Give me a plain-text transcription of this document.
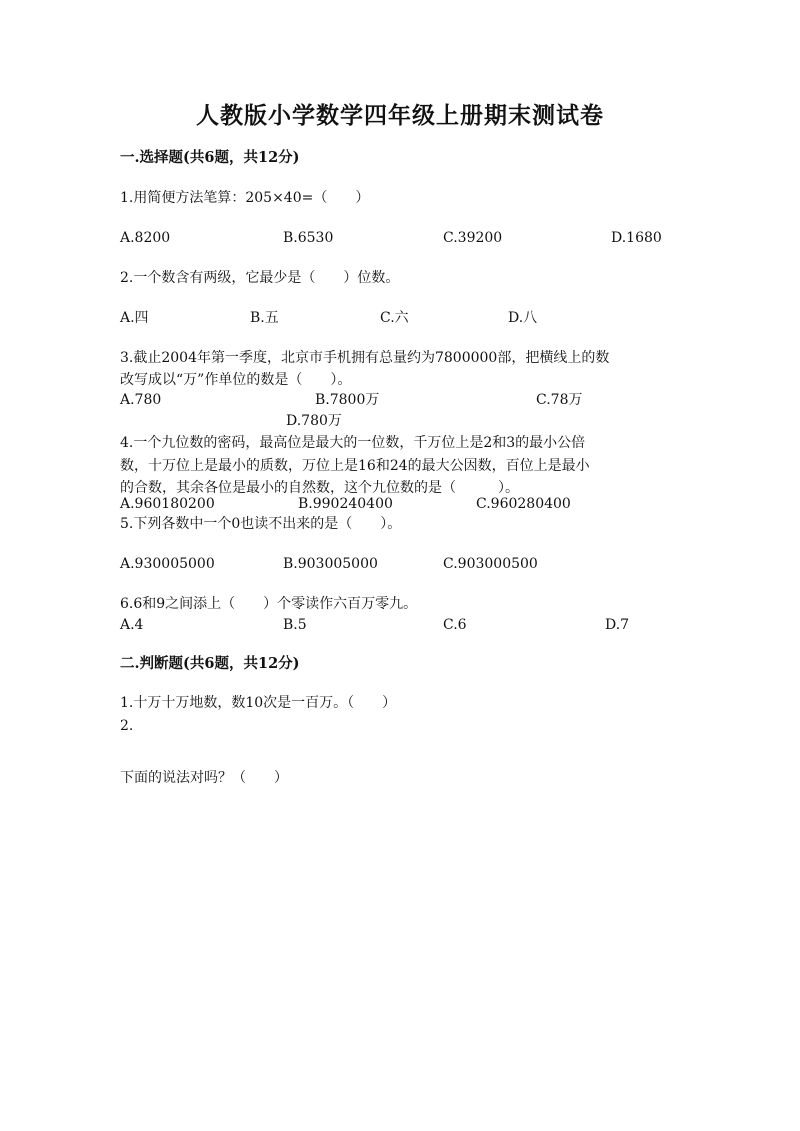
人教版小学数学四年级上册期末测试卷
一.选择题(共6题，共12分)
1.用简便方法笔算：205×40=（　　）
A.8200	B.6530	C.39200	D.1680
2.一个数含有两级，它最少是（　　）位数。
A.四	B.五	C.六	D.八
3.截止2004年第一季度，北京市手机拥有总量约为7800000部，把横线上的数
改写成以“万”作单位的数是（　　）。
A.780	B.7800万	C.78万
D.780万
4.一个九位数的密码，最高位是最大的一位数，千万位上是2和3的最小公倍
数，十万位上是最小的质数，万位上是16和24的最大公因数，百位上是最小
的合数，其余各位是最小的自然数，这个九位数的是（　　　）。
A.960180200	B.990240400	C.960280400
5.下列各数中一个0也读不出来的是（　　）。
A.930005000	B.903005000	C.903000500
6.6和9之间添上（　　）个零读作六百万零九。
A.4	B.5	C.6	D.7
二.判断题(共6题，共12分)
1.十万十万地数，数10次是一百万。（　　）
2.
下面的说法对吗？（　　）
